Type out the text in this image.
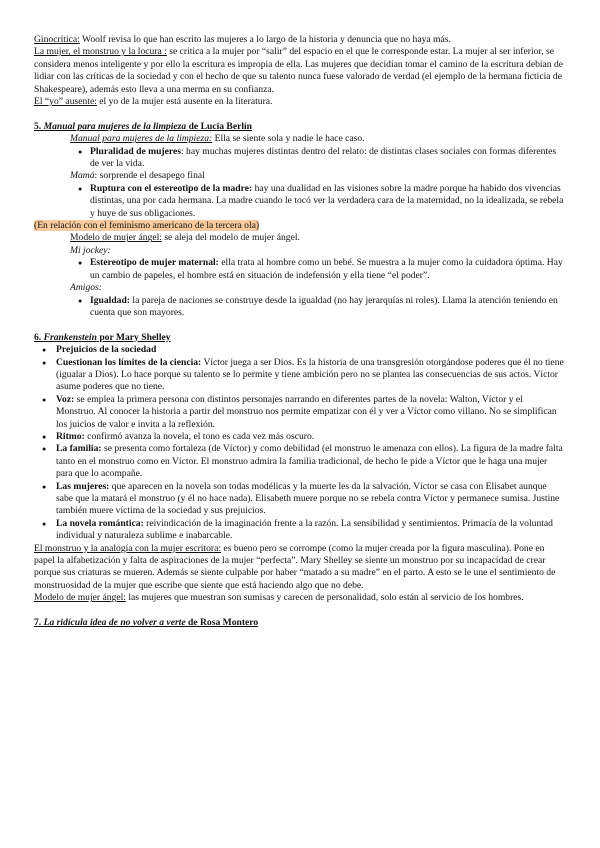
Ginocrítica: Woolf revisa lo que han escrito las mujeres a lo largo de la historia y denuncia que no haya más.

La mujer, el monstruo y la locura : se critica a la mujer por “salir” del espacio en el que le corresponde estar. La mujer al ser inferior, se considera menos inteligente y por ello la escritura es impropia de ella. Las mujeres que decidían tomar el camino de la escritura debían de lidiar con las críticas de la sociedad y con el hecho de que su talento nunca fuese valorado de verdad (el ejemplo de la hermana ficticia de Shakespeare), además esto lleva a una merma en su confianza.

El “yo” ausente: el yo de la mujer está ausente en la literatura.

5. Manual para mujeres de la limpieza de Lucia Berlín

Manual para mujeres de la limpieza: Ella se siente sola y nadie le hace caso.

● Pluralidad de mujeres: hay muchas mujeres distintas dentro del relato: de distintas clases sociales con formas diferentes de ver la vida.

Mamá: sorprende el desapego final

● Ruptura con el estereotipo de la madre: hay una dualidad en las visiones sobre la madre porque ha habido dos vivencias distintas, una por cada hermana. La madre cuando le tocó ver la verdadera cara de la maternidad, no la idealizada, se rebela y huye de sus obligaciones.

(En relación con el feminismo americano de la tercera ola)

Modelo de mujer ángel: se aleja del modelo de mujer ángel.

Mi jockey:

● Estereotipo de mujer maternal: ella trata al hombre como un bebé. Se muestra a la mujer como la cuidadora óptima. Hay un cambio de papeles, el hombre está en situación de indefensión y ella tiene “el poder”.

Amigos:

● Igualdad: la pareja de naciones se construye desde la igualdad (no hay jerarquías ni roles). Llama la atención teniendo en cuenta que son mayores.

6. Frankenstein por Mary Shelley

● Prejuicios de la sociedad

● Cuestionan los límites de la ciencia: Víctor juega a ser Dios. Es la historia de una transgresión otorgándose poderes que él no tiene (igualar a Dios). Lo hace porque su talento se lo permite y tiene ambición pero no se plantea las consecuencias de sus actos. Víctor asume poderes que no tiene.

● Voz: se emplea la primera persona con distintos personajes narrando en diferentes partes de la novela: Walton, Víctor y el Monstruo. Al conocer la historia a partir del monstruo nos permite empatizar con él y ver a Víctor como villano. No se simplifican los juicios de valor e invita a la reflexión.

● Ritmo: confirmó avanza la novela, el tono es cada vez más oscuro.

● La familia: se presenta como fortaleza (de Víctor) y como debilidad (el monstruo le amenaza con ellos). La figura de la madre falta tanto en el monstruo como en Víctor. El monstruo admira la familia tradicional, de hecho le pide a Víctor que le haga una mujer para que lo acompañe.

● Las mujeres: que aparecen en la novela son todas modélicas y la muerte les da la salvación. Víctor se casa con Elisabet aunque sabe que la matará el monstruo (y él no hace nada). Elisabeth muere porque no se rebela contra Víctor y permanece sumisa. Justine también muere víctima de la sociedad y sus prejuicios.

● La novela romántica: reivindicación de la imaginación frente a la razón. La sensibilidad y sentimientos. Primacía de la voluntad individual y naturaleza sublime e inabarcable.

El monstruo y la analogía con la mujer escritora: es bueno pero se corrompe (como la mujer creada por la figura masculina). Pone en papel la alfabetización y falta de aspiraciones de la mujer “perfecta”. Mary Shelley se siente un monstruo por su incapacidad de crear porque sus criaturas se mueren. Además se siente culpable por haber “matado a su madre” en el parto. A esto se le une el sentimiento de monstruosidad de la mujer que escribe que siente que está haciendo algo que no debe.

Modelo de mujer ángel: las mujeres que muestran son sumisas y carecen de personalidad, solo están al servicio de los hombres.

7. La ridícula idea de no volver a verte de Rosa Montero
